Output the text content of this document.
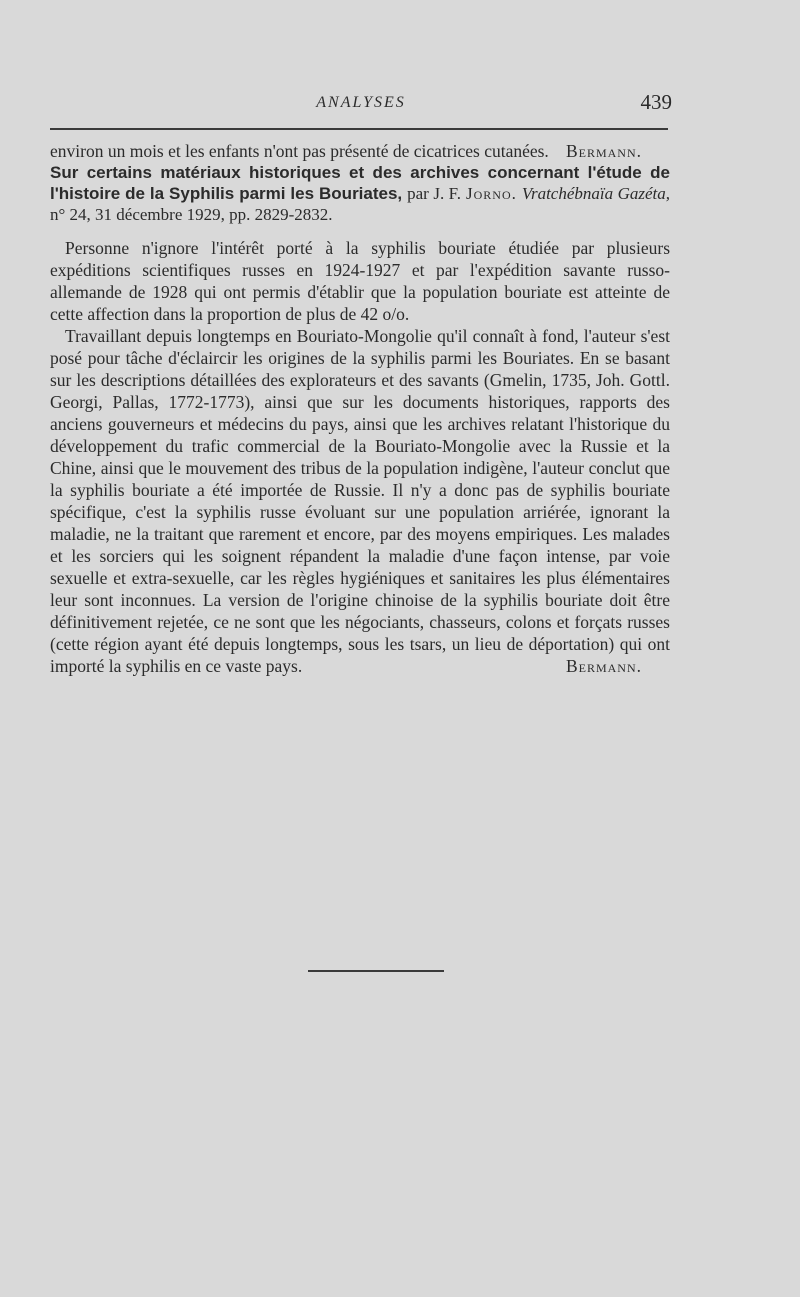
ANALYSES	439

environ un mois et les enfants n'ont pas présenté de cicatrices cutanées. Bermann.

Sur certains matériaux historiques et des archives concernant l'étude de l'histoire de la Syphilis parmi les Bouriates, par J. F. Jorno. Vratchébnaïa Gazéta, n° 24, 31 décembre 1929, pp. 2829-2832.

Personne n'ignore l'intérêt porté à la syphilis bouriate étudiée par plusieurs expéditions scientifiques russes en 1924-1927 et par l'expédition savante russo-allemande de 1928 qui ont permis d'établir que la population bouriate est atteinte de cette affection dans la proportion de plus de 42 o/o.

Travaillant depuis longtemps en Bouriato-Mongolie qu'il connaît à fond, l'auteur s'est posé pour tâche d'éclaircir les origines de la syphilis parmi les Bouriates. En se basant sur les descriptions détaillées des explorateurs et des savants (Gmelin, 1735, Joh. Gottl. Georgi, Pallas, 1772-1773), ainsi que sur les documents historiques, rapports des anciens gouverneurs et médecins du pays, ainsi que les archives relatant l'historique du développement du trafic commercial de la Bouriato-Mongolie avec la Russie et la Chine, ainsi que le mouvement des tribus de la population indigène, l'auteur conclut que la syphilis bouriate a été importée de Russie. Il n'y a donc pas de syphilis bouriate spécifique, c'est la syphilis russe évoluant sur une population arriérée, ignorant la maladie, ne la traitant que rarement et encore, par des moyens empiriques. Les malades et les sorciers qui les soignent répandent la maladie d'une façon intense, par voie sexuelle et extra-sexuelle, car les règles hygiéniques et sanitaires les plus élémentaires leur sont inconnues. La version de l'origine chinoise de la syphilis bouriate doit être définitivement rejetée, ce ne sont que les négociants, chasseurs, colons et forçats russes (cette région ayant été depuis longtemps, sous les tsars, un lieu de déportation) qui ont importé la syphilis en ce vaste pays.	Bermann.
